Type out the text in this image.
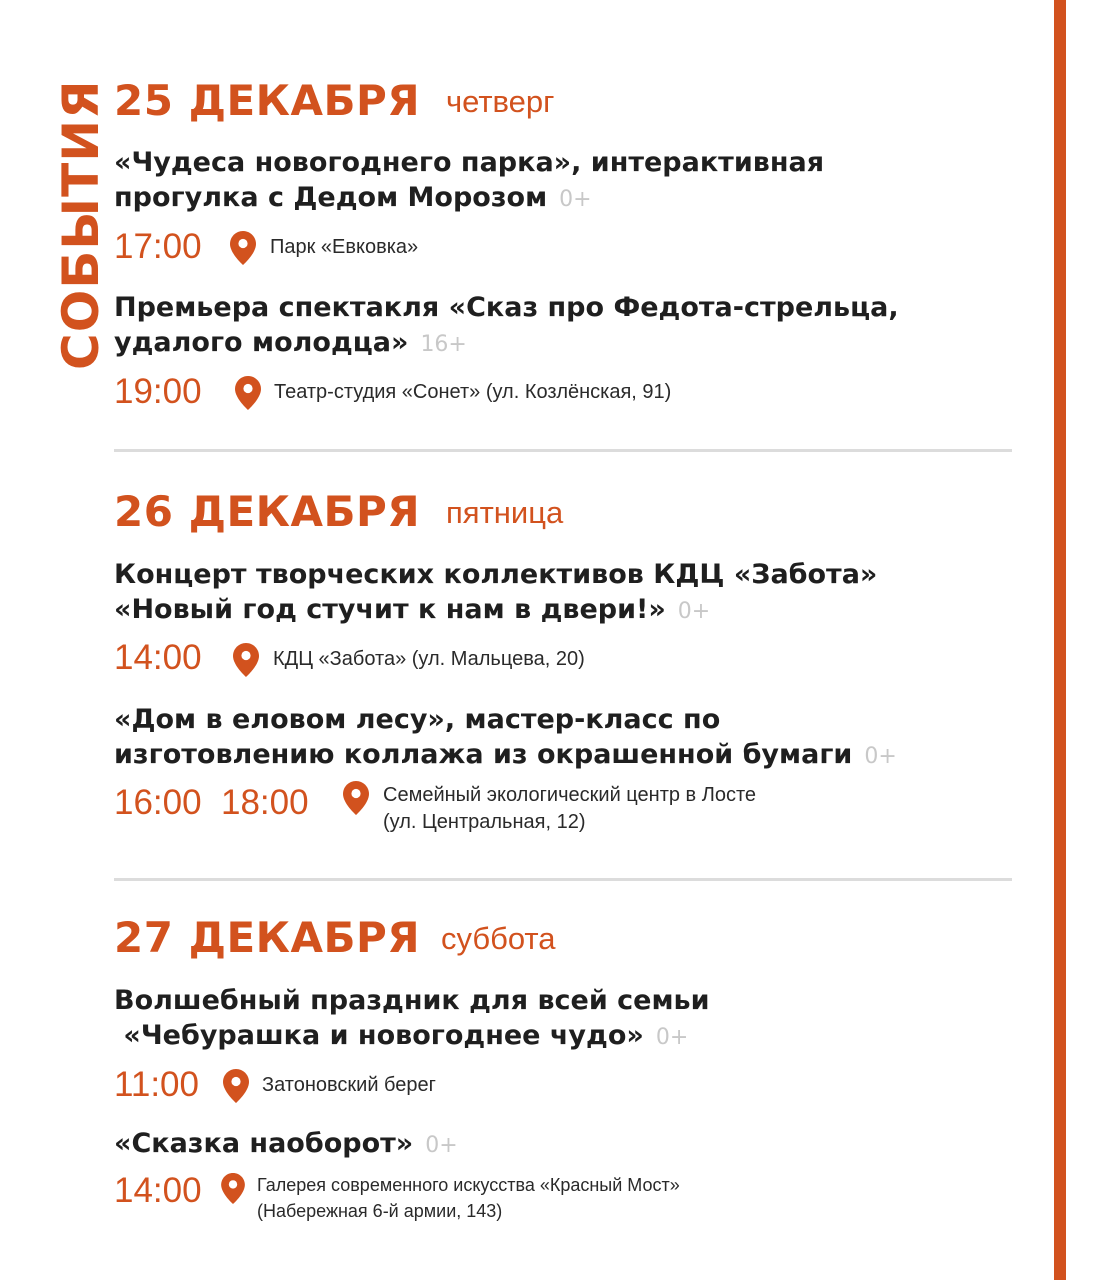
СОБЫТИЯ 25 ДЕКАБРЯ четверг
«Чудеса новогоднего парка», интерактивная
прогулка с Дедом Морозом 0+
17:00	Парк «Евковка»
Премьера спектакля «Сказ про Федота-стрельца,
удалого молодца» 16+
19:00	Театр-студия «Сонет» (ул. Козлёнская, 91)
26 ДЕКАБРЯ пятница
Концерт творческих коллективов КДЦ «Забота»
«Новый год стучит к нам в двери!» 0+
14:00	КДЦ «Забота» (ул. Мальцева, 20)
«Дом в еловом лесу», мастер-класс по
изготовлению коллажа из окрашенной бумаги 0+
16:00 18:00	Семейный экологический центр в Лосте
(ул. Центральная, 12)
27 ДЕКАБРЯ суббота
Волшебный праздник для всей семьи
«Чебурашка и новогоднее чудо» 0+
11:00	Затоновский берег
«Сказка наоборот» 0+
14:00	Галерея современного искусства «Красный Мост»
(Набережная 6-й армии, 143)
